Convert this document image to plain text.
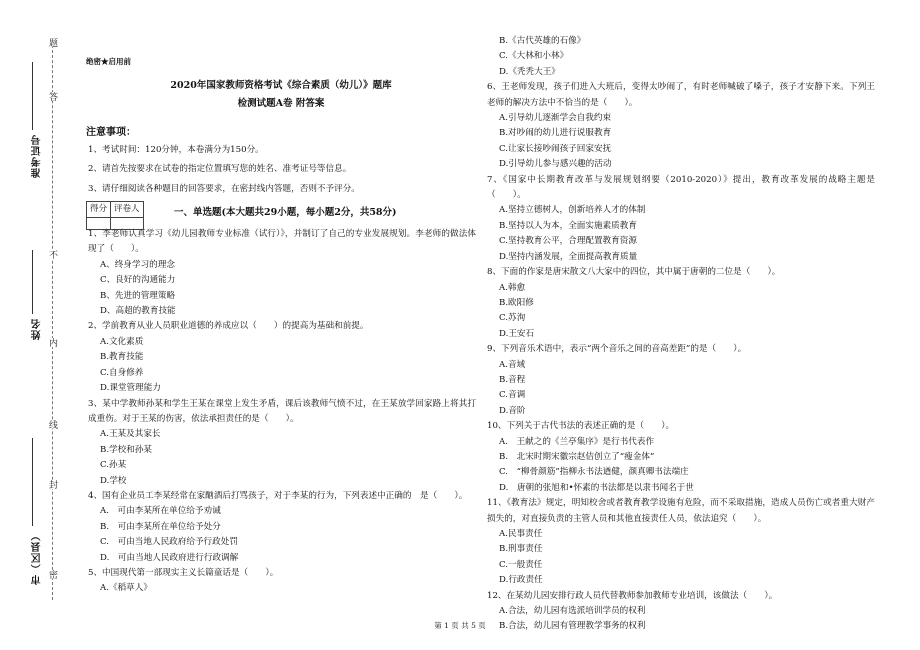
题
答
不
内
线
封
密
准考证号
姓名
市（区县）
绝密★启用前
2020年国家教师资格考试《综合素质（幼儿）》题库
检测试题A卷 附答案
注意事项：
1、考试时间：120分钟，本卷满分为150分。
2、请首先按要求在试卷的指定位置填写您的姓名、准考证号等信息。
3、请仔细阅读各种题目的回答要求，在密封线内答题，否则不予评分。
得分	评卷人
		一、单选题(本大题共29小题，每小题2分，共58分)
1、李老师认真学习《幼儿园教师专业标准（试行）》，并制订了自己的专业发展规划。李老师的做法体现了（　　）。
A、终身学习的理念
C、良好的沟通能力
B、先进的管理策略
D、高超的教育技能
2、学前教育从业人员职业道德的养成应以（　　）的提高为基础和前提。
A.文化素质
B.教育技能
C.自身修养
D.课堂管理能力
3、某中学教师孙某和学生王某在课堂上发生矛盾，课后该教师气愤不过，在王某放学回家路上将其打成重伤。对于王某的伤害，依法承担责任的是（　　）。
A.王某及其家长
B.学校和孙某
C.孙某
D.学校
4、国有企业员工李某经常在家酗酒后打骂孩子，对于李某的行为，下列表述中正确的　是（　　）。
A.　可由李某所在单位给予劝诫
B.　可由李某所在单位给予处分
C.　可由当地人民政府给予行政处罚
D.　可由当地人民政府进行行政调解
5、中国现代第一部现实主义长篇童话是（　　）。
A.《稻草人》
B.《古代英雄的石像》
C.《大林和小林》
D.《秃秃大王》
6、王老师发现，孩子们进入大班后，变得太吵闹了，有时老师喊破了嗓子，孩子才安静下来。下列王老师的解决方法中不恰当的是（　　）。
A.引导幼儿逐渐学会自我约束
B.对吵闹的幼儿进行说服教育
C.让家长接吵闹孩子回家安抚
D.引导幼儿参与感兴趣的活动
7、《国家中长期教育改革与发展规划纲要（2010-2020）》提出，教育改革发展的战略主题是（　　）。
A.坚持立德树人，创新培养人才的体制
B.坚持以人为本，全面实施素质教育
C.坚持教育公平，合理配置教育资源
D.坚持内涵发展，全面提高教育质量
8、下面的作家是唐宋散文八大家中的四位，其中属于唐朝的二位是（　　）。
A.韩愈
B.欧阳修
C.苏洵
D.王安石
9、下列音乐术语中，表示“两个音乐之间的音高差距”的是（　　）。
A.音域
B.音程
C.音调
D.音阶
10、下列关于古代书法的表述正确的是（　　）。
A.　王献之的《兰亭集序》是行书代表作
B.　北宋时期宋徽宗赵佶创立了“瘦金体”
C.　“柳骨颜筋”指柳永书法遒健，颜真卿书法端庄
D.　唐朝的张旭和•怀素的书法都是以隶书闻名于世
11、《教育法》规定，明知校舍或者教育教学设施有危险，而不采取措施，造成人员伤亡或者重大财产损失的，对直接负责的主管人员和其他直接责任人员，依法追究（　　）。
A.民事责任
B.刑事责任
C.一般责任
D.行政责任
12、在某幼儿园安排行政人员代替教师参加教师专业培训，该做法（　　）。
A.合法，幼儿园有选派培训学员的权利
B.合法，幼儿园有管理教学事务的权利
第 1 页 共 5 页
